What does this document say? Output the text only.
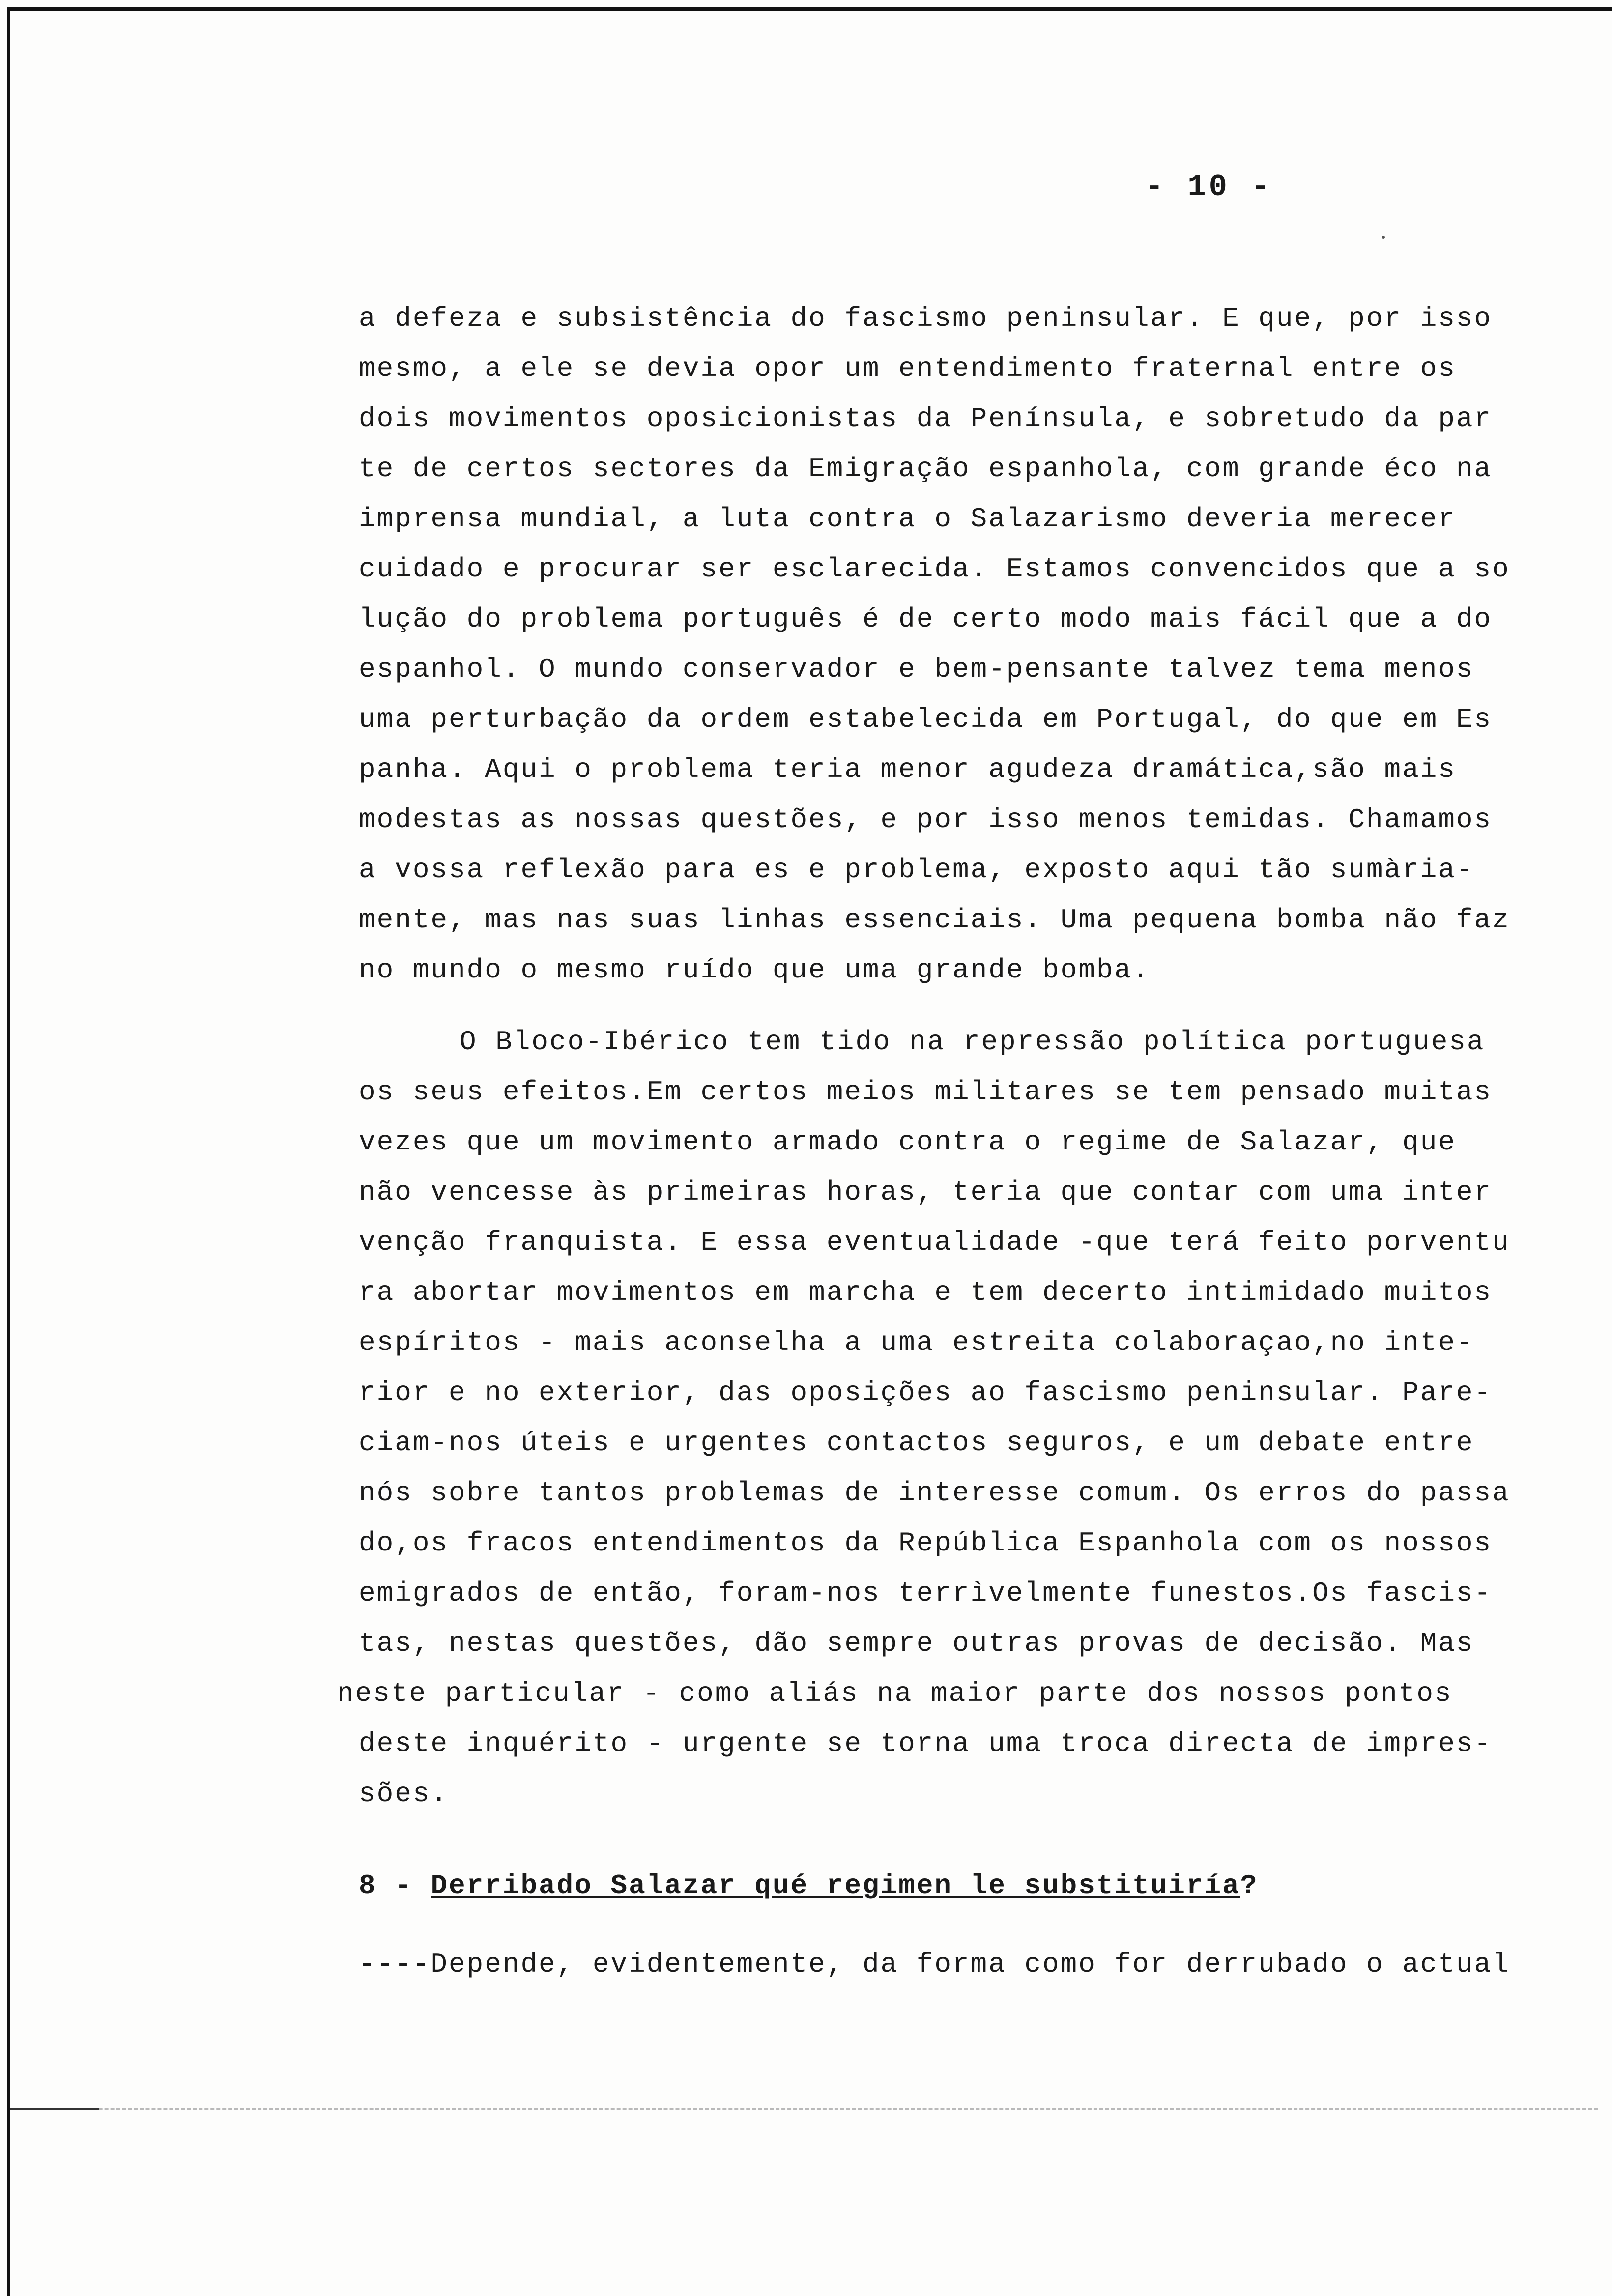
- 10 -
a defeza e subsistência do fascismo peninsular. E que, por isso
mesmo, a ele se devia opor um entendimento fraternal entre os
dois movimentos oposicionistas da Península, e sobretudo da par
te de certos sectores da Emigração espanhola, com grande éco na
imprensa mundial, a luta contra o Salazarismo deveria merecer
cuidado e procurar ser esclarecida. Estamos convencidos que a so
lução do problema português é de certo modo mais fácil que a do
espanhol. O mundo conservador e bem-pensante talvez tema menos
uma perturbação da ordem estabelecida em Portugal, do que em Es
panha. Aqui o problema teria menor agudeza dramática,são mais
modestas as nossas questões, e por isso menos temidas. Chamamos
a vossa reflexão para es e problema, exposto aqui tão sumària-
mente, mas nas suas linhas essenciais. Uma pequena bomba não faz
no mundo o mesmo ruído que uma grande bomba.
O Bloco-Ibérico tem tido na repressão política portuguesa
os seus efeitos.Em certos meios militares se tem pensado muitas
vezes que um movimento armado contra o regime de Salazar, que
não vencesse às primeiras horas, teria que contar com uma inter
venção franquista. E essa eventualidade -que terá feito porventu
ra abortar movimentos em marcha e tem decerto intimidado muitos
espíritos - mais aconselha a uma estreita colaboraçao,no inte-
rior e no exterior, das oposições ao fascismo peninsular. Pare-
ciam-nos úteis e urgentes contactos seguros, e um debate entre
nós sobre tantos problemas de interesse comum. Os erros do passa
do,os fracos entendimentos da República Espanhola com os nossos
emigrados de então, foram-nos terrìvelmente funestos.Os fascis-
tas, nestas questões, dão sempre outras provas de decisão. Mas
neste particular - como aliás na maior parte dos nossos pontos
deste inquérito - urgente se torna uma troca directa de impres-
sões.
8 - Derribado Salazar qué regimen le substituiría?
----Depende, evidentemente, da forma como for derrubado o actual
